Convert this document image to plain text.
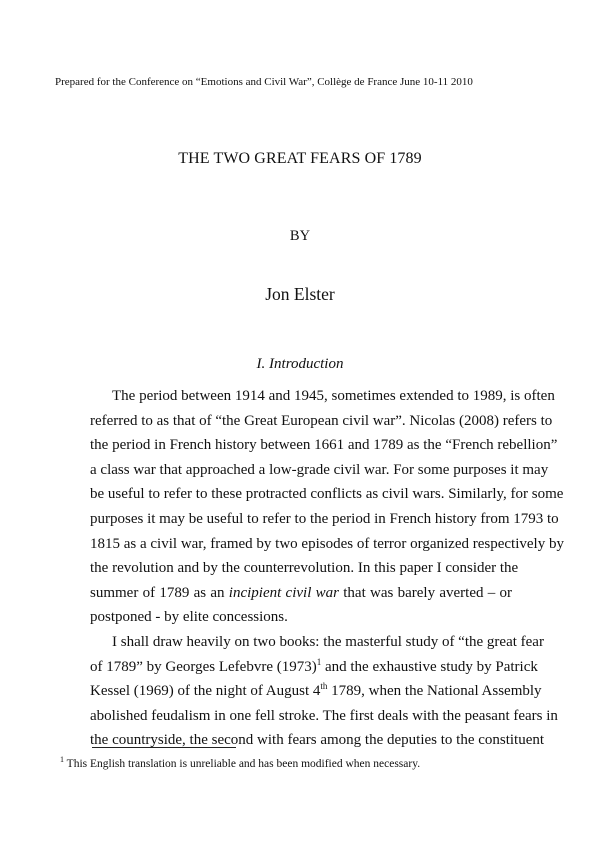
Prepared for the Conference on “Emotions and Civil War”, Collège de France June 10-11 2010
THE TWO GREAT FEARS OF 1789
BY
Jon Elster
I. Introduction
The period between 1914 and 1945, sometimes extended to 1989, is often
referred to as that of “the Great European civil war”. Nicolas (2008) refers to
the period in French history between 1661 and 1789 as the “French rebellion”
a class war that approached a low-grade civil war. For some purposes it may
be useful to refer to these protracted conflicts as civil wars. Similarly, for some
purposes it may be useful to refer to the period in French history from 1793 to
1815 as a civil war, framed by two episodes of terror organized respectively by
the revolution and by the counterrevolution. In this paper I consider the
summer of 1789 as an incipient civil war that was barely averted – or
postponed - by elite concessions.
I shall draw heavily on two books: the masterful study of “the great fear
of 1789” by Georges Lefebvre $(1973)^1$ and the exhaustive study by Patrick
Kessel (1969) of the night of August 4th 1789, when the National Assembly
abolished feudalism in one fell stroke. The first deals with the peasant fears in
the countryside, the second with fears among the deputies to the constituent
$^1$ This English translation is unreliable and has been modified when necessary.
